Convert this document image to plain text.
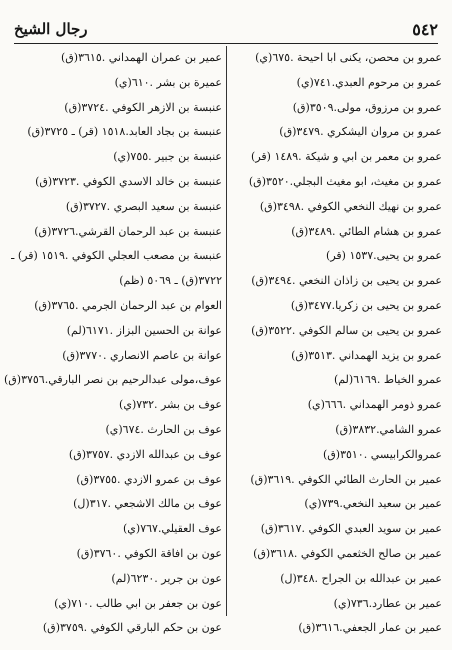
٥٤٢
رجال الشيخ
عمرو بن محصن، يكنى ابا احيحة .٦٧٥(ي)
عمرو بن مرحوم العبدي.٧٤١(ي)
عمرو بن مرزوق، مولى.٣٥٠٩(ق)
عمرو بن مروان اليشكري .٣٤٧٩(ق)
عمرو بن معمر بن ابي و شيكة .١٤٨٩ (قر)
عمرو بن مغيث، ابو مغيث البجلي.٣٥٢٠(ق)
عمرو بن نهيك النخعي الكوفي .٣٤٩٨(ق)
عمرو بن هشام الطائي .٣٤٨٩(ق)
عمرو بن يحيى.١٥٣٧ (قر)
عمرو بن يحيى بن زاذان النخعي .٣٤٩٤(ق)
عمرو بن يحيى بن زكريا.٣٤٧٧(ق)
عمرو بن يحيى بن سالم الكوفي .٣٥٢٢(ق)
عمرو بن يزيد الهمداني .٣٥١٣(ق)
عمرو الخياط .٦١٦٩(لم)
عمرو ذومر الهمداني .٦٦٦(ي)
عمرو الشامي.٣٨٣٢(ق)
عمروالكرابيسي .٣٥١٠(ق)
عمير بن الحارث الطائي الكوفي .٣٦١٩(ق)
عمير بن سعيد النخعي.٧٣٩(ي)
عمير بن سويد العبدي الكوفي .٣٦١٧(ق)
عمير بن صالح الخثعمي الكوفي .٣٦١٨(ق)
عمير بن عبدالله بن الجراح .٣٤٨(ل)
عمير بن عطارد.٧٣٦(ي)
عمير بن عمار الجعفي.٣٦١٦(ق)
عمير بن عمران الهمداني .٣٦١٥(ق)
عميرة بن بشر .٦١٠(ي)
عنبسة بن الازهر الكوفي .٣٧٢٤(ق)
عنبسة بن بجاد العابد.١٥١٨ (قر) ـ ٣٧٢٥(ق)
عنبسة بن جبير .٧٥٥(ي)
عنبسة بن خالد الاسدي الكوفي .٣٧٢٣(ق)
عنبسة بن سعيد البصري .٣٧٢٧(ق)
عنبسة بن عبد الرحمان القرشي.٣٧٢٦(ق)
عنبسة بن مصعب العجلي الكوفي .١٥١٩ (قر) ـ
٣٧٢٢(ق) ـ ٥٠٦٩ (ظم)
العوام بن عبد الرحمان الجرمي .٣٧٦٥(ق)
عوانة بن الحسين البزاز .٦١٧١(لم)
عوانة بن عاصم الانصاري .٣٧٧٠(ق)
عوف،مولى عبدالرحيم بن نصر البارقي.٣٧٥٦(ق)
عوف بن بشر .٧٣٢(ي)
عوف بن الحارث .٦٧٤(ي)
عوف بن عبدالله الازدي .٣٧٥٧(ق)
عوف بن عمرو الازدي .٣٧٥٥(ق)
عوف بن مالك الاشجعي .٣١٧(ل)
عوف العقيلي.٧٦٧(ي)
عون بن افاقة الكوفي .٣٧٦٠(ق)
عون بن جرير .٦٢٣٠(لم)
عون بن جعفر بن ابي طالب .٧١٠(ي)
عون بن حكم البارقي الكوفي .٣٧٥٩(ق)
